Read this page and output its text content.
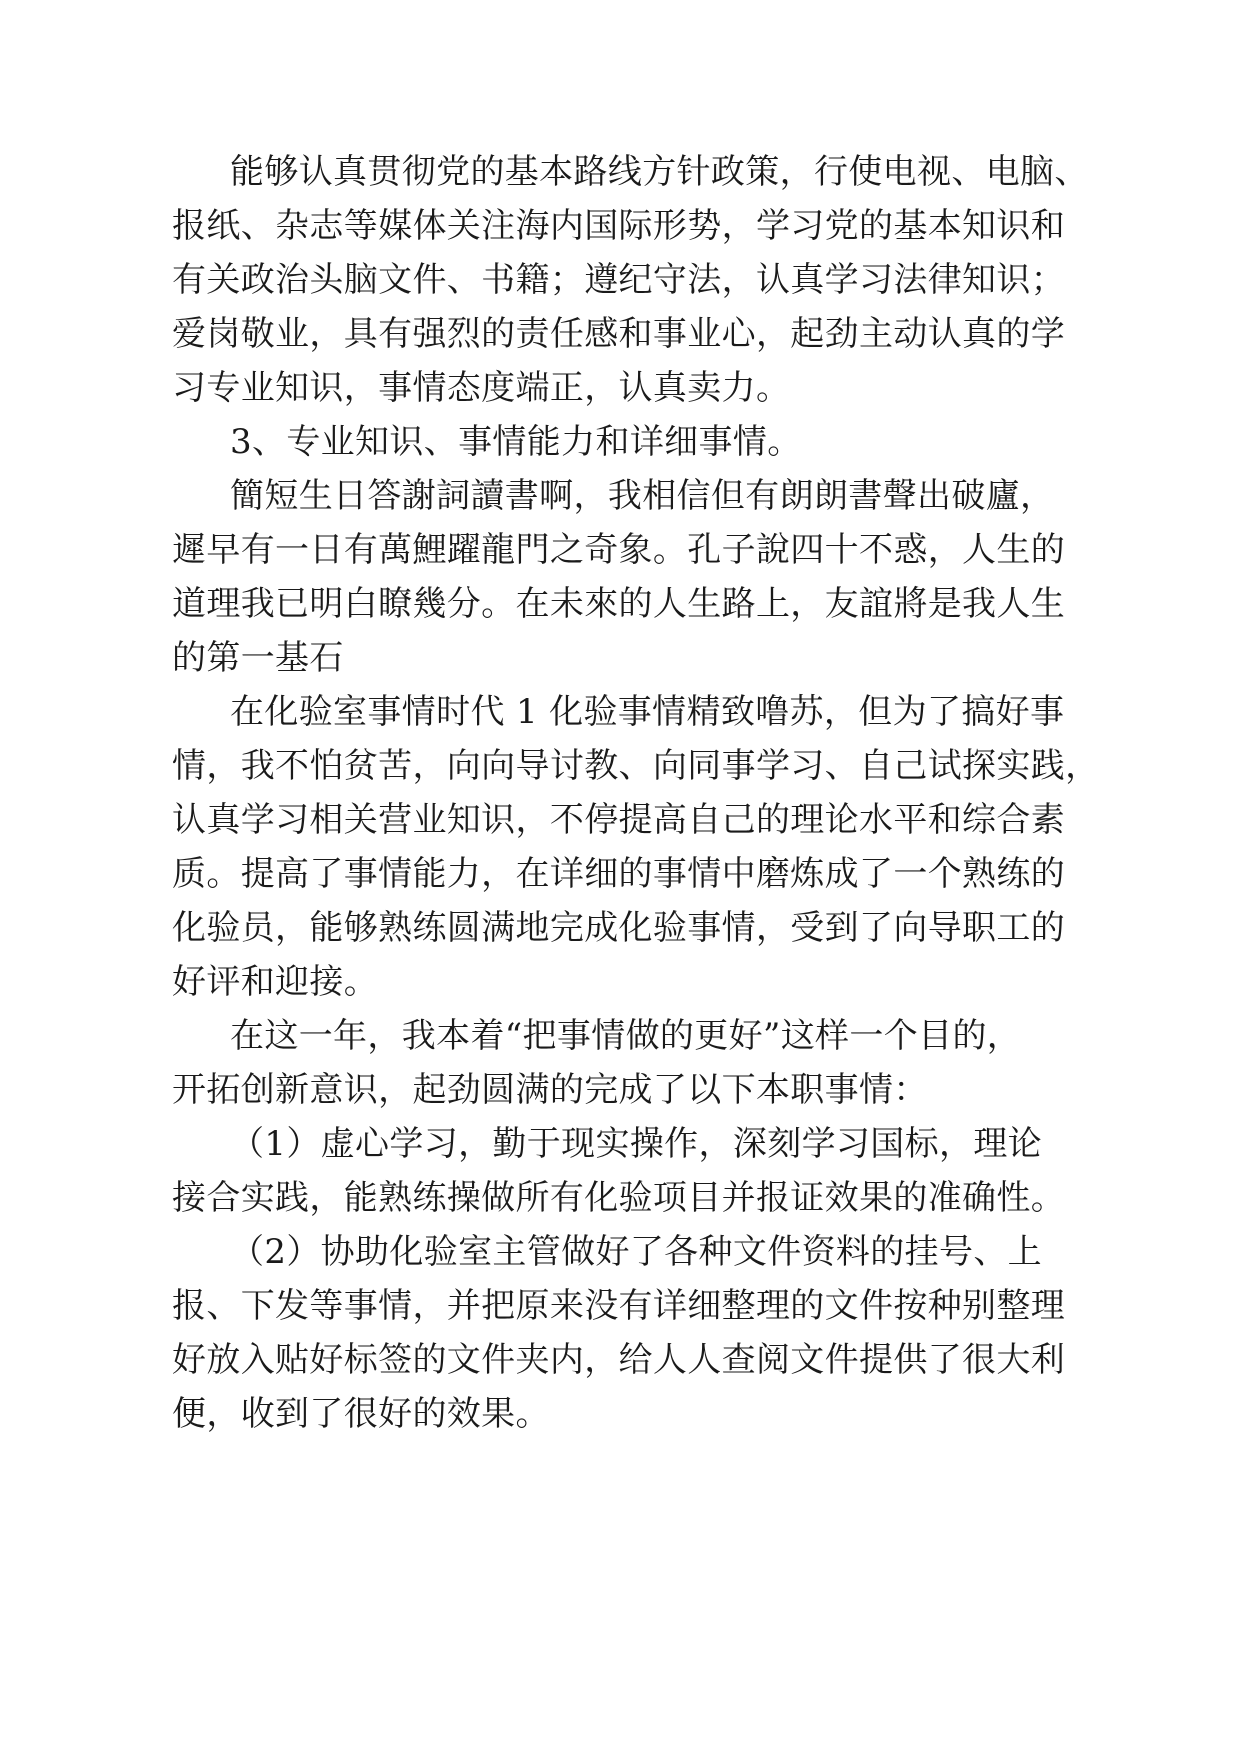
能够认真贯彻党的基本路线方针政策，行使电视、电脑、
报纸、杂志等媒体关注海内国际形势，学习党的基本知识和
有关政治头脑文件、书籍；遵纪守法，认真学习法律知识；
爱岗敬业，具有强烈的责任感和事业心，起劲主动认真的学
习专业知识，事情态度端正，认真卖力。
3、专业知识、事情能力和详细事情。
簡短生日答謝詞讀書啊，我相信但有朗朗書聲出破廬，
遲早有一日有萬鯉躍龍門之奇象。孔子說四十不惑，人生的
道理我已明白瞭幾分。在未來的人生路上，友誼將是我人生
的第一基石
在化验室事情时代 1 化验事情精致噜苏，但为了搞好事
情，我不怕贫苦，向向导讨教、向同事学习、自己试探实践，
认真学习相关营业知识，不停提高自己的理论水平和综合素
质。提高了事情能力，在详细的事情中磨炼成了一个熟练的
化验员，能够熟练圆满地完成化验事情，受到了向导职工的
好评和迎接。
在这一年，我本着“把事情做的更好”这样一个目的，
开拓创新意识，起劲圆满的完成了以下本职事情：
（1）虚心学习，勤于现实操作，深刻学习国标，理论
接合实践，能熟练操做所有化验项目并报证效果的准确性。
（2）协助化验室主管做好了各种文件资料的挂号、上
报、下发等事情，并把原来没有详细整理的文件按种别整理
好放入贴好标签的文件夹内，给人人查阅文件提供了很大利
便，收到了很好的效果。
